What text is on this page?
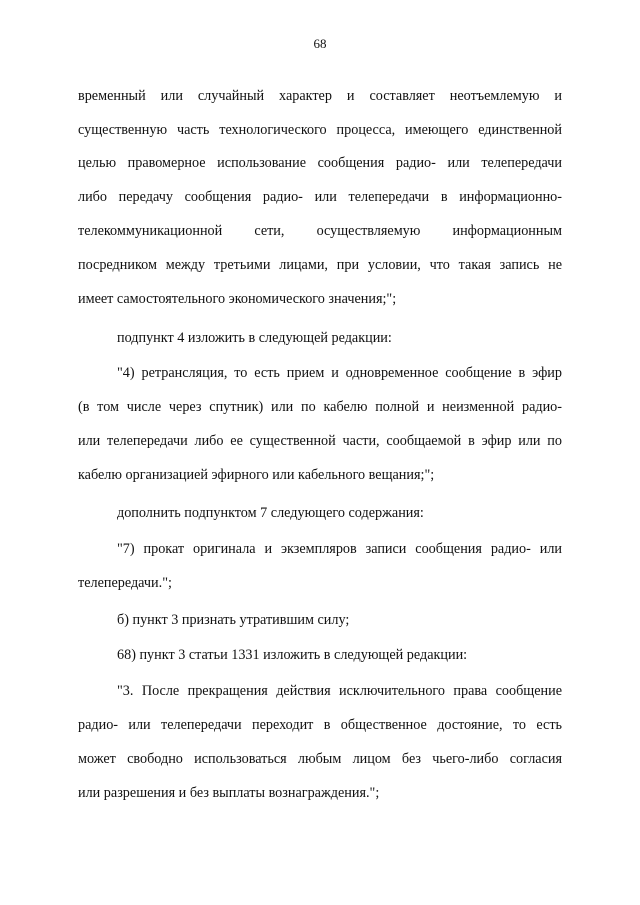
68
временный или случайный характер и составляет неотъемлемую и
существенную часть технологического процесса, имеющего единственной
целью правомерное использование сообщения радио- или телепередачи
либо передачу сообщения радио- или телепередачи в информационно-
телекоммуникационной сети, осуществляемую информационным
посредником между третьими лицами, при условии, что такая запись не
имеет самостоятельного экономического значения;";
подпункт 4 изложить в следующей редакции:
"4) ретрансляция, то есть прием и одновременное сообщение в эфир
(в том числе через спутник) или по кабелю полной и неизменной радио-
или телепередачи либо ее существенной части, сообщаемой в эфир или по
кабелю организацией эфирного или кабельного вещания;";
дополнить подпунктом 7 следующего содержания:
"7) прокат оригинала и экземпляров записи сообщения радио- или
телепередачи.";
б) пункт 3 признать утратившим силу;
68) пункт 3 статьи 1331 изложить в следующей редакции:
"3. После прекращения действия исключительного права сообщение
радио- или телепередачи переходит в общественное достояние, то есть
может свободно использоваться любым лицом без чьего-либо согласия
или разрешения и без выплаты вознаграждения.";
